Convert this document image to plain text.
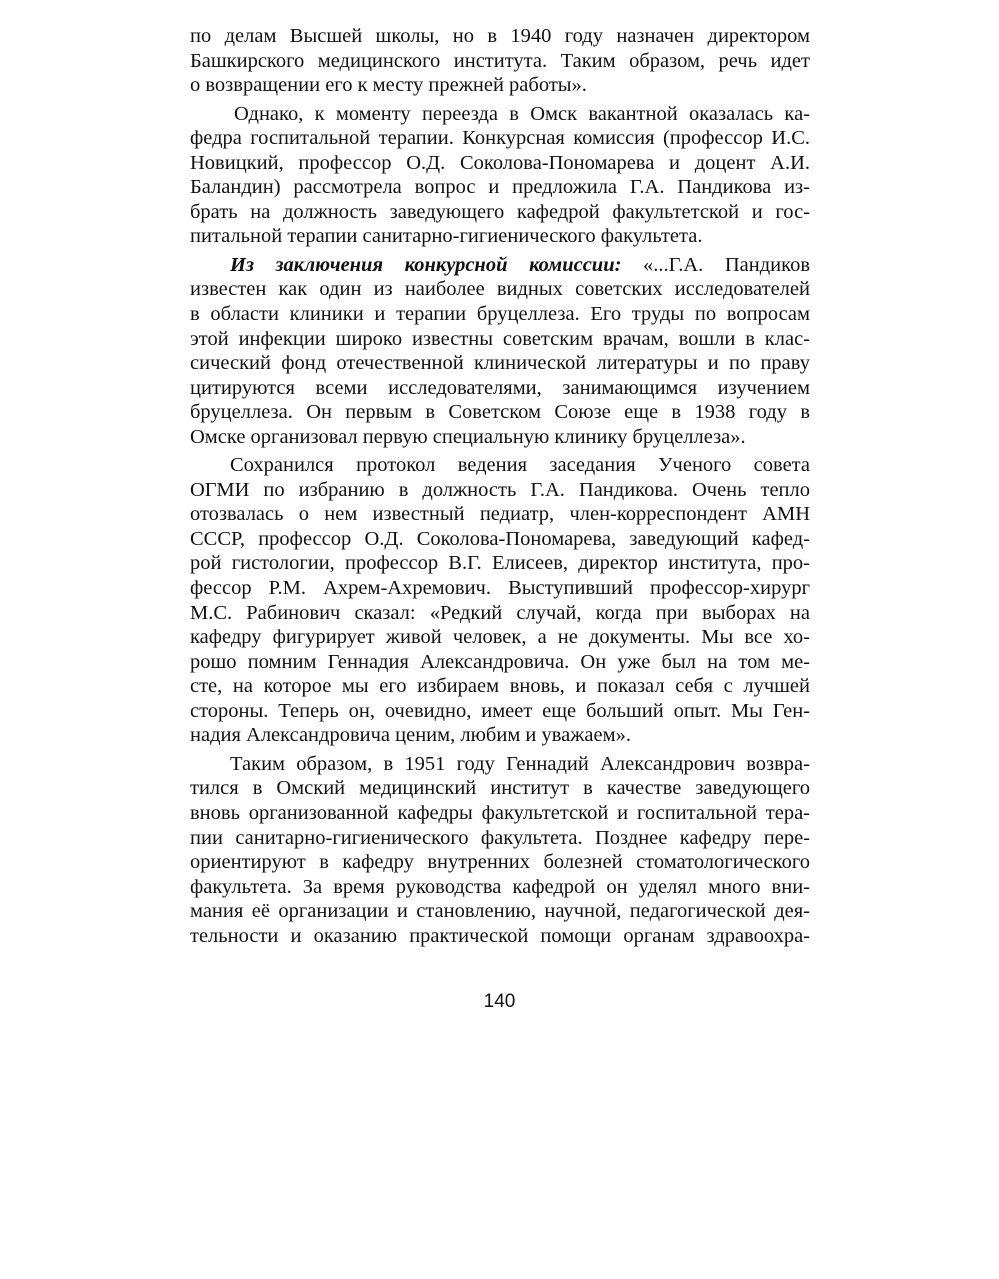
по делам Высшей школы, но в 1940 году назначен директором
Башкирского медицинского института. Таким образом, речь идет
о возвращении его к месту прежней работы».
Однако, к моменту переезда в Омск вакантной оказалась ка-
федра госпитальной терапии. Конкурсная комиссия (профессор И.С.
Новицкий, профессор О.Д. Соколова-Пономарева и доцент А.И.
Баландин) рассмотрела вопрос и предложила Г.А. Пандикова из-
брать на должность заведующего кафедрой факультетской и гос-
питальной терапии санитарно-гигиенического факультета.
Из заключения конкурсной комиссии: «...Г.А. Пандиков
известен как один из наиболее видных советских исследователей
в области клиники и терапии бруцеллеза. Его труды по вопросам
этой инфекции широко известны советским врачам, вошли в клас-
сический фонд отечественной клинической литературы и по праву
цитируются всеми исследователями, занимающимся изучением
бруцеллеза. Он первым в Советском Союзе еще в 1938 году в
Омске организовал первую специальную клинику бруцеллеза».
Сохранился протокол ведения заседания Ученого совета
ОГМИ по избранию в должность Г.А. Пандикова. Очень тепло
отозвалась о нем известный педиатр, член-корреспондент АМН
СССР, профессор О.Д. Соколова-Пономарева, заведующий кафед-
рой гистологии, профессор В.Г. Елисеев, директор института, про-
фессор Р.М. Ахрем-Ахремович. Выступивший профессор-хирург
М.С. Рабинович сказал: «Редкий случай, когда при выборах на
кафедру фигурирует живой человек, а не документы. Мы все хо-
рошо помним Геннадия Александровича. Он уже был на том ме-
сте, на которое мы его избираем вновь, и показал себя с лучшей
стороны. Теперь он, очевидно, имеет еще больший опыт. Мы Ген-
надия Александровича ценим, любим и уважаем».
Таким образом, в 1951 году Геннадий Александрович возвра-
тился в Омский медицинский институт в качестве заведующего
вновь организованной кафедры факультетской и госпитальной тера-
пии санитарно-гигиенического факультета. Позднее кафедру пере-
ориентируют в кафедру внутренних болезней стоматологического
факультета. За время руководства кафедрой он уделял много вни-
мания её организации и становлению, научной, педагогической дея-
тельности и оказанию практической помощи органам здравоохра-
140
